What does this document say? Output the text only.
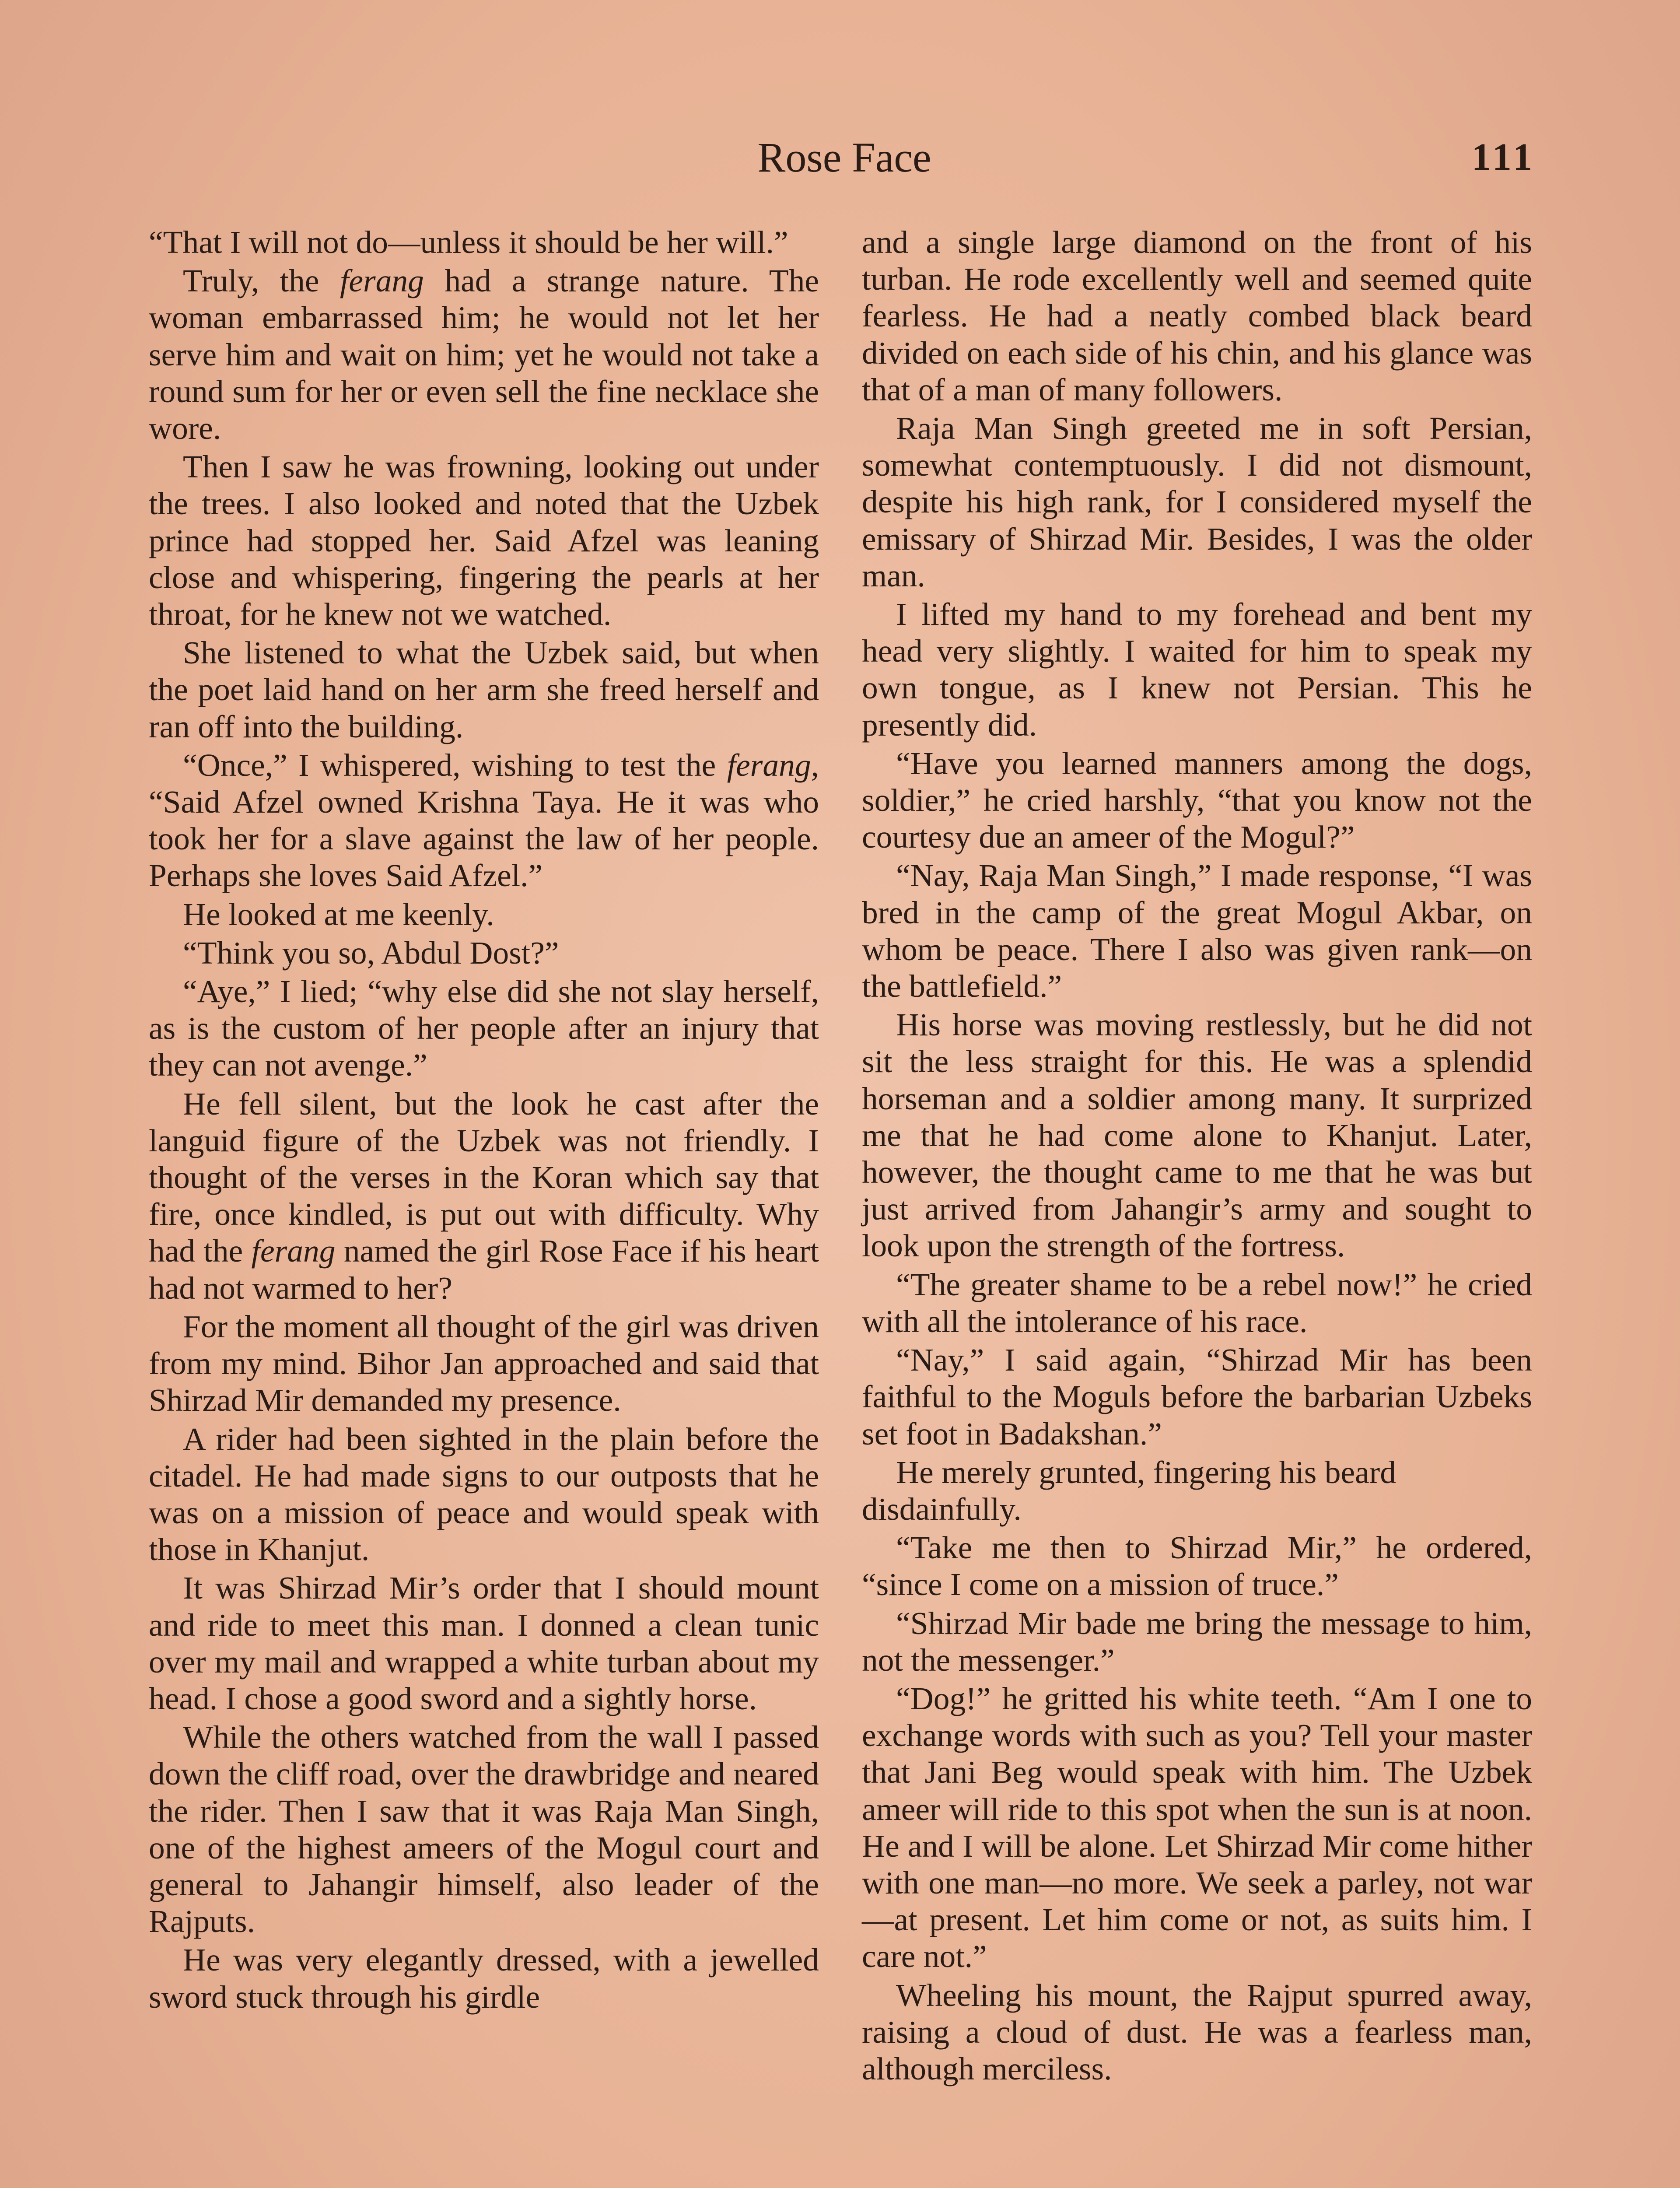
Rose Face	111

“That I will not do—unless it should be her will.”

Truly, the ferang had a strange nature. The woman embarrassed him; he would not let her serve him and wait on him; yet he would not take a round sum for her or even sell the fine necklace she wore.

Then I saw he was frowning, looking out under the trees. I also looked and noted that the Uzbek prince had stopped her. Said Afzel was leaning close and whispering, fingering the pearls at her throat, for he knew not we watched.

She listened to what the Uzbek said, but when the poet laid hand on her arm she freed herself and ran off into the building.

“Once,” I whispered, wishing to test the ferang, “Said Afzel owned Krishna Taya. He it was who took her for a slave against the law of her people. Perhaps she loves Said Afzel.”

He looked at me keenly.

“Think you so, Abdul Dost?”

“Aye,” I lied; “why else did she not slay herself, as is the custom of her people after an injury that they can not avenge.”

He fell silent, but the look he cast after the languid figure of the Uzbek was not friendly. I thought of the verses in the Koran which say that fire, once kindled, is put out with difficulty. Why had the ferang named the girl Rose Face if his heart had not warmed to her?

For the moment all thought of the girl was driven from my mind. Bihor Jan approached and said that Shirzad Mir demanded my presence.

A rider had been sighted in the plain before the citadel. He had made signs to our outposts that he was on a mission of peace and would speak with those in Khanjut.

It was Shirzad Mir’s order that I should mount and ride to meet this man. I donned a clean tunic over my mail and wrapped a white turban about my head. I chose a good sword and a sightly horse.

While the others watched from the wall I passed down the cliff road, over the drawbridge and neared the rider. Then I saw that it was Raja Man Singh, one of the highest ameers of the Mogul court and general to Jahangir himself, also leader of the Rajputs.

He was very elegantly dressed, with a jewelled sword stuck through his girdle

and a single large diamond on the front of his turban. He rode excellently well and seemed quite fearless. He had a neatly combed black beard divided on each side of his chin, and his glance was that of a man of many followers.

Raja Man Singh greeted me in soft Persian, somewhat contemptuously. I did not dismount, despite his high rank, for I considered myself the emissary of Shirzad Mir. Besides, I was the older man.

I lifted my hand to my forehead and bent my head very slightly. I waited for him to speak my own tongue, as I knew not Persian. This he presently did.

“Have you learned manners among the dogs, soldier,” he cried harshly, “that you know not the courtesy due an ameer of the Mogul?”

“Nay, Raja Man Singh,” I made response, “I was bred in the camp of the great Mogul Akbar, on whom be peace. There I also was given rank—on the battlefield.”

His horse was moving restlessly, but he did not sit the less straight for this. He was a splendid horseman and a soldier among many. It surprized me that he had come alone to Khanjut. Later, however, the thought came to me that he was but just arrived from Jahangir’s army and sought to look upon the strength of the fortress.

“The greater shame to be a rebel now!” he cried with all the intolerance of his race.

“Nay,” I said again, “Shirzad Mir has been faithful to the Moguls before the barbarian Uzbeks set foot in Badakshan.”

He merely grunted, fingering his beard disdainfully.

“Take me then to Shirzad Mir,” he ordered, “since I come on a mission of truce.”

“Shirzad Mir bade me bring the message to him, not the messenger.”

“Dog!” he gritted his white teeth. “Am I one to exchange words with such as you? Tell your master that Jani Beg would speak with him. The Uzbek ameer will ride to this spot when the sun is at noon. He and I will be alone. Let Shirzad Mir come hither with one man—no more. We seek a parley, not war—at present. Let him come or not, as suits him. I care not.”

Wheeling his mount, the Rajput spurred away, raising a cloud of dust. He was a fearless man, although merciless.
